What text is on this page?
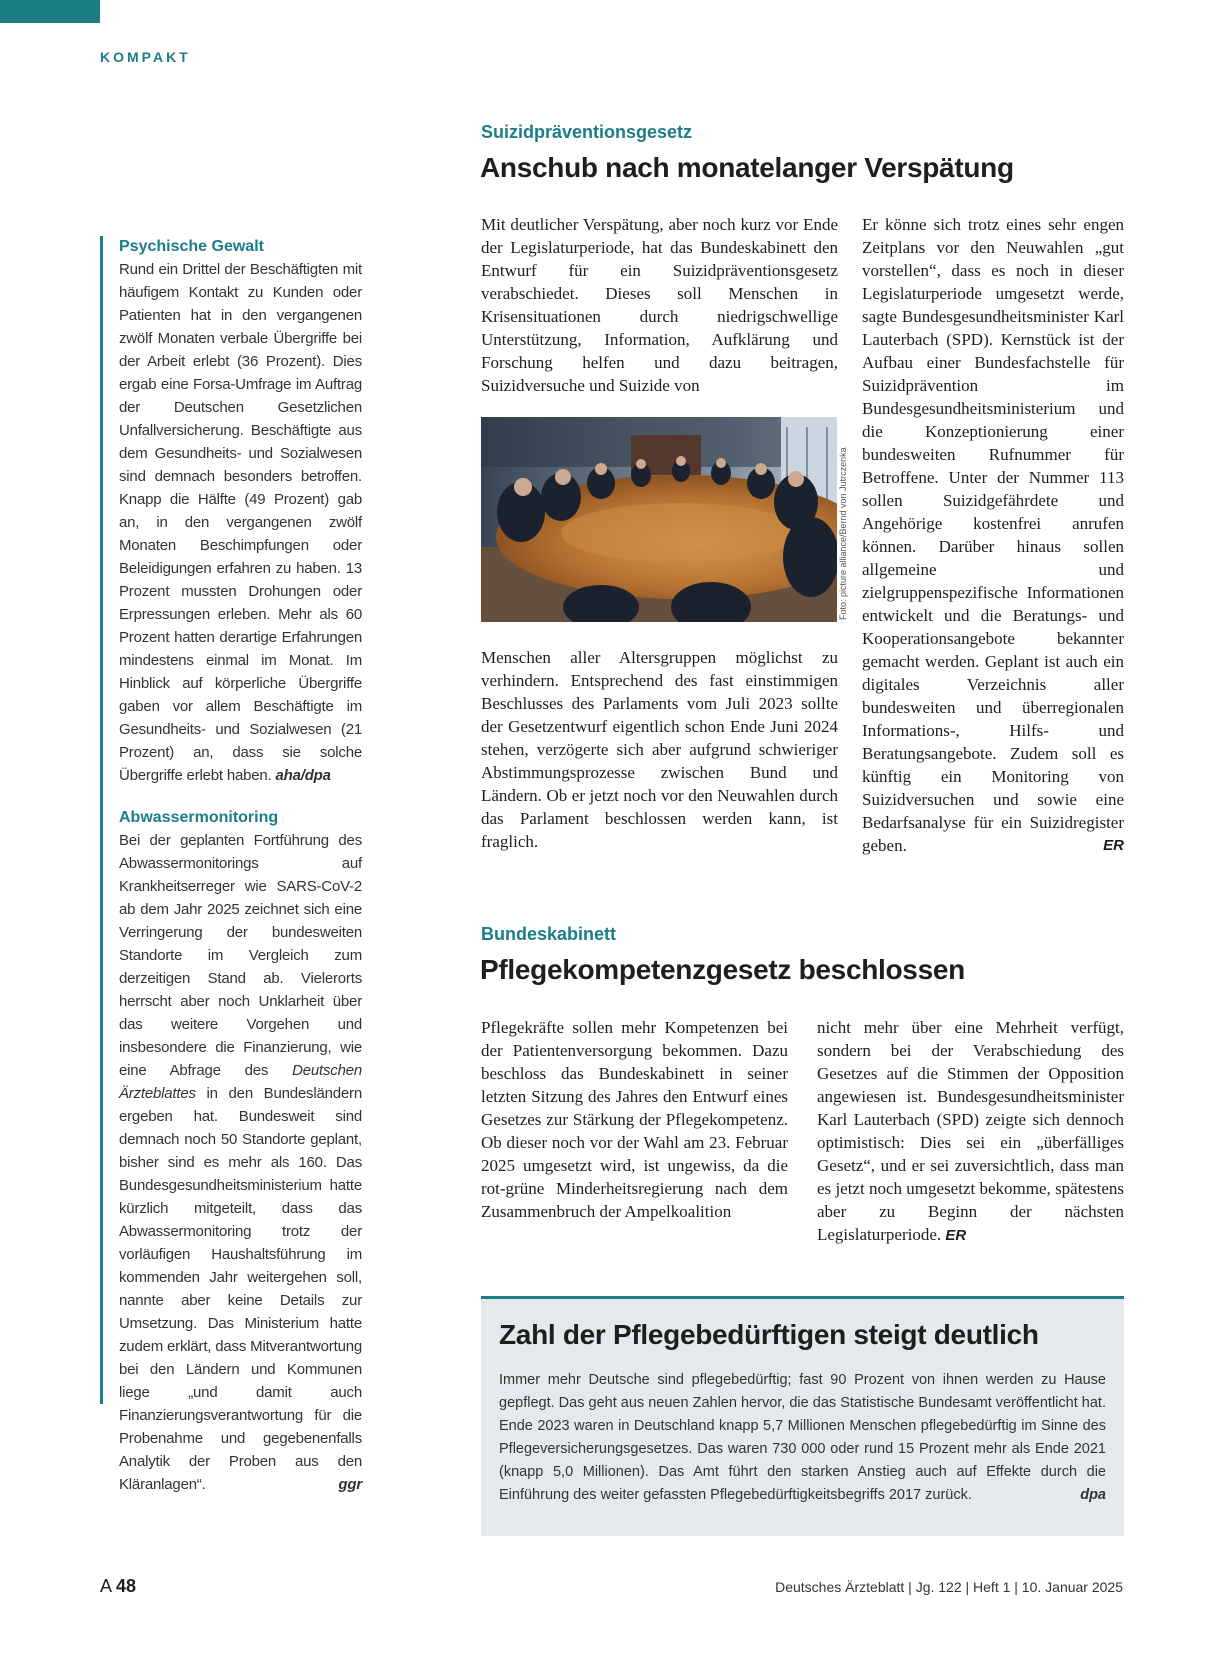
KOMPAKT
Psychische Gewalt

Rund ein Drittel der Beschäftigten mit häufigem Kontakt zu Kunden oder Patienten hat in den vergangenen zwölf Monaten verbale Übergriffe bei der Arbeit erlebt (36 Prozent). Dies ergab eine Forsa-Umfrage im Auftrag der Deutschen Gesetzlichen Unfallversicherung. Beschäftigte aus dem Gesundheits- und Sozialwesen sind demnach besonders betroffen. Knapp die Hälfte (49 Prozent) gab an, in den vergangenen zwölf Monaten Beschimpfungen oder Beleidigungen erfahren zu haben. 13 Prozent mussten Drohungen oder Erpressungen erleben. Mehr als 60 Prozent hatten derartige Erfahrungen mindestens einmal im Monat. Im Hinblick auf körperliche Übergriffe gaben vor allem Beschäftigte im Gesundheits- und Sozialwesen (21 Prozent) an, dass sie solche Übergriffe erlebt haben. aha/dpa

Abwassermonitoring

Bei der geplanten Fortführung des Abwassermonitorings auf Krankheitserreger wie SARS-CoV-2 ab dem Jahr 2025 zeichnet sich eine Verringerung der bundesweiten Standorte im Vergleich zum derzeitigen Stand ab. Vielerorts herrscht aber noch Unklarheit über das weitere Vorgehen und insbesondere die Finanzierung, wie eine Abfrage des Deutschen Ärzteblattes in den Bundesländern ergeben hat. Bundesweit sind demnach noch 50 Standorte geplant, bisher sind es mehr als 160. Das Bundesgesundheitsministerium hatte kürzlich mitgeteilt, dass das Abwassermonitoring trotz der vorläufigen Haushaltsführung im kommenden Jahr weitergehen soll, nannte aber keine Details zur Umsetzung. Das Ministerium hatte zudem erklärt, dass Mitverantwortung bei den Ländern und Kommunen liege „und damit auch Finanzierungsverantwortung für die Probenahme und gegebenenfalls Analytik der Proben aus den Kläranlagen“.	ggr

Suizidpräventionsgesetz
Anschub nach monatelanger Verspätung
Mit deutlicher Verspätung, aber noch kurz vor Ende der Legislaturperiode, hat das Bundeskabinett den Entwurf für ein Suizidpräventionsgesetz verabschiedet. Dieses soll Menschen in Krisensituationen durch niedrigschwellige Unterstützung, Information, Aufklärung und Forschung helfen und dazu beitragen, Suizidversuche und Suizide von
Foto: picture alliance/Bernd von Jutrczenka
Menschen aller Altersgruppen möglichst zu verhindern. Entsprechend des fast einstimmigen Beschlusses des Parlaments vom Juli 2023 sollte der Gesetzentwurf eigentlich schon Ende Juni 2024 stehen, verzögerte sich aber aufgrund schwieriger Abstimmungsprozesse zwischen Bund und Ländern. Ob er jetzt noch vor den Neuwahlen durch das Parlament beschlossen werden kann, ist fraglich.
Er könne sich trotz eines sehr engen Zeitplans vor den Neuwahlen „gut vorstellen“, dass es noch in dieser Legislaturperiode umgesetzt werde, sagte Bundesgesundheitsminister Karl Lauterbach (SPD). Kernstück ist der Aufbau einer Bundesfachstelle für Suizidprävention im Bundesgesundheitsministerium und die Konzeptionierung einer bundesweiten Rufnummer für Betroffene. Unter der Nummer 113 sollen Suizidgefährdete und Angehörige kostenfrei anrufen können. Darüber hinaus sollen allgemeine und zielgruppenspezifische Informationen entwickelt und die Beratungs- und Kooperationsangebote bekannter gemacht werden. Geplant ist auch ein digitales Verzeichnis aller bundesweiten und überregionalen Informations-, Hilfs- und Beratungsangebote. Zudem soll es künftig ein Monitoring von Suizidversuchen und sowie eine Bedarfsanalyse für ein Suizidregister geben.	ER
Bundeskabinett
Pflegekompetenzgesetz beschlossen
Pflegekräfte sollen mehr Kompetenzen bei der Patientenversorgung bekommen. Dazu beschloss das Bundeskabinett in seiner letzten Sitzung des Jahres den Entwurf eines Gesetzes zur Stärkung der Pflegekompetenz. Ob dieser noch vor der Wahl am 23. Februar 2025 umgesetzt wird, ist ungewiss, da die rot-grüne Minderheitsregierung nach dem Zusammenbruch der Ampelkoalition
nicht mehr über eine Mehrheit verfügt, sondern bei der Verabschiedung des Gesetzes auf die Stimmen der Opposition angewiesen ist. Bundesgesundheitsminister Karl Lauterbach (SPD) zeigte sich dennoch optimistisch: Dies sei ein „überfälliges Gesetz“, und er sei zuversichtlich, dass man es jetzt noch umgesetzt bekomme, spätestens aber zu Beginn der nächsten Legislaturperiode. ER
Zahl der Pflegebedürftigen steigt deutlich

Immer mehr Deutsche sind pflegebedürftig; fast 90 Prozent von ihnen werden zu Hause gepflegt. Das geht aus neuen Zahlen hervor, die das Statistische Bundesamt veröffentlicht hat. Ende 2023 waren in Deutschland knapp 5,7 Millionen Menschen pflegebedürftig im Sinne des Pflegeversicherungsgesetzes. Das waren 730 000 oder rund 15 Prozent mehr als Ende 2021 (knapp 5,0 Millionen). Das Amt führt den starken Anstieg auch auf Effekte durch die Einführung des weiter gefassten Pflegebedürftigkeitsbegriffs 2017 zurück.	dpa

A 48	Deutsches Ärzteblatt | Jg. 122 | Heft 1 | 10. Januar 2025
